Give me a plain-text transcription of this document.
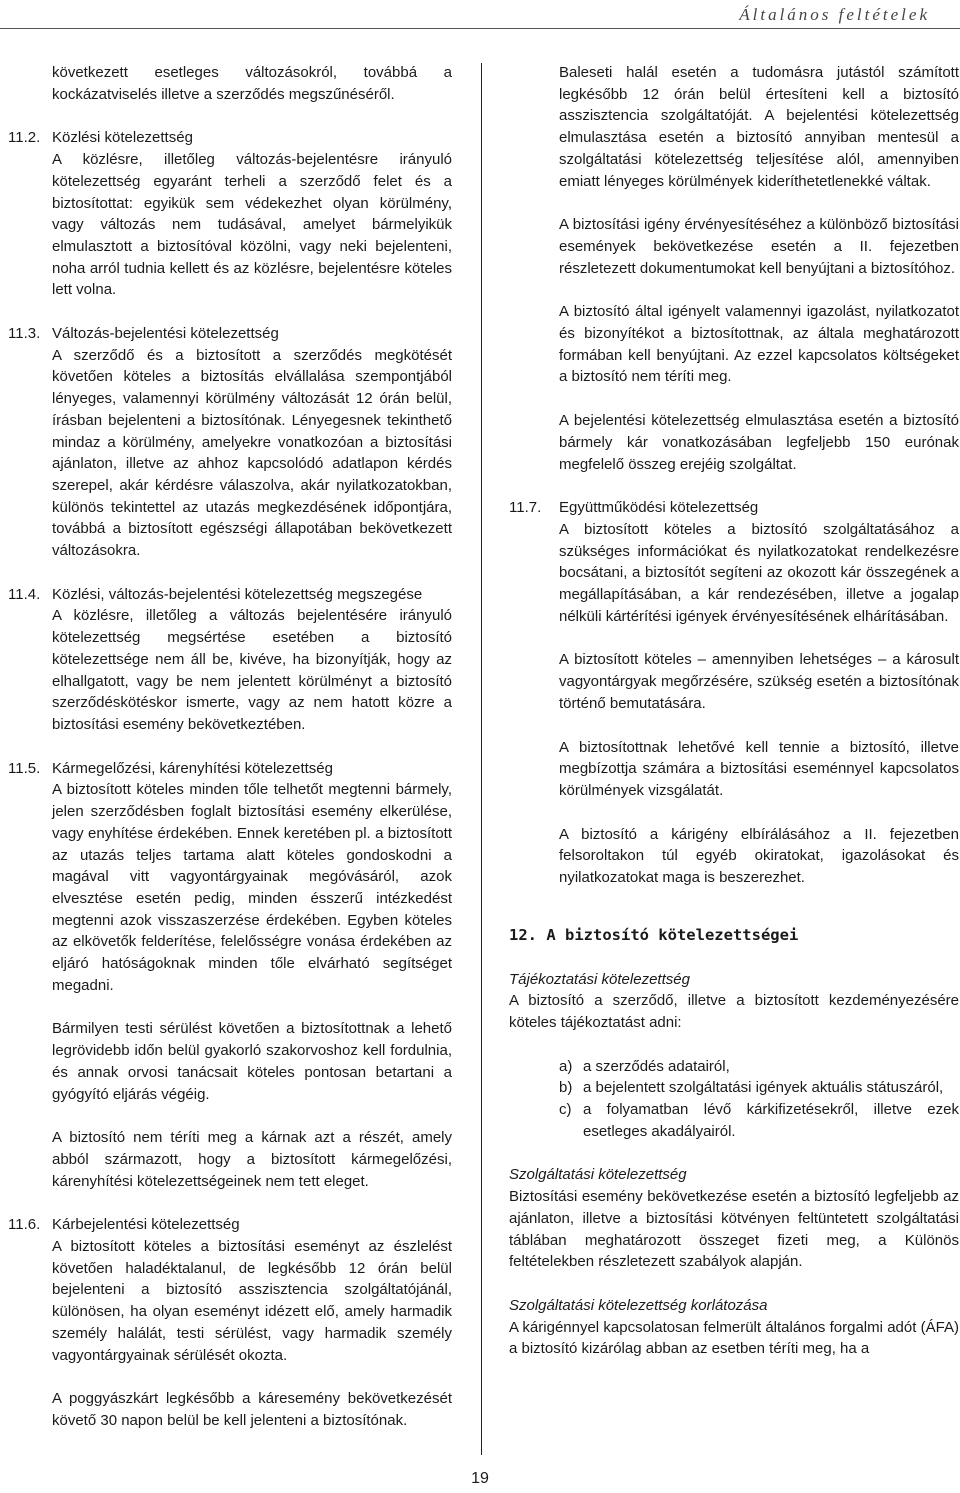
Általános feltételek

következett esetleges változásokról, továbbá a kockázatviselés illetve a szerződés megszűnéséről.

11.2. Közlési kötelezettség

A közlésre, illetőleg változás-bejelentésre irányuló kötelezettség egyaránt terheli a szerződő felet és a biztosítottat: egyikük sem védekezhet olyan körülmény, vagy változás nem tudásával, amelyet bármelyikük elmulasztott a biztosítóval közölni, vagy neki bejelenteni, noha arról tudnia kellett és az közlésre, bejelentésre köteles lett volna.

11.3. Változás-bejelentési kötelezettség

A szerződő és a biztosított a szerződés megkötését követően köteles a biztosítás elvállalása szempontjából lényeges, valamennyi körülmény változását 12 órán belül, írásban bejelenteni a biztosítónak. Lényegesnek tekinthető mindaz a körülmény, amelyekre vonatkozóan a biztosítási ajánlaton, illetve az ahhoz kapcsolódó adatlapon kérdés szerepel, akár kérdésre válaszolva, akár nyilatkozatokban, különös tekintettel az utazás megkezdésének időpontjára, továbbá a biztosított egészségi állapotában bekövetkezett változásokra.

11.4. Közlési, változás-bejelentési kötelezettség megszegése

A közlésre, illetőleg a változás bejelentésére irányuló kötelezettség megsértése esetében a biztosító kötelezettsége nem áll be, kivéve, ha bizonyítják, hogy az elhallgatott, vagy be nem jelentett körülményt a biztosító szerződéskötéskor ismerte, vagy az nem hatott közre a biztosítási esemény bekövetkeztében.

11.5. Kármegelőzési, kárenyhítési kötelezettség

A biztosított köteles minden tőle telhetőt megtenni bármely, jelen szerződésben foglalt biztosítási esemény elkerülése, vagy enyhítése érdekében. Ennek keretében pl. a biztosított az utazás teljes tartama alatt köteles gondoskodni a magával vitt vagyontárgyainak megóvásáról, azok elvesztése esetén pedig, minden ésszerű intézkedést megtenni azok visszaszerzése érdekében. Egyben köteles az elkövetők felderítése, felelősségre vonása érdekében az eljáró hatóságoknak minden tőle elvárható segítséget megadni.

Bármilyen testi sérülést követően a biztosítottnak a lehető legrövidebb időn belül gyakorló szakorvoshoz kell fordulnia, és annak orvosi tanácsait köteles pontosan betartani a gyógyító eljárás végéig.

A biztosító nem téríti meg a kárnak azt a részét, amely abból származott, hogy a biztosított kármegelőzési, kárenyhítési kötelezettségeinek nem tett eleget.

11.6. Kárbejelentési kötelezettség

A biztosított köteles a biztosítási eseményt az észlelést követően haladéktalanul, de legkésőbb 12 órán belül bejelenteni a biztosító asszisztencia szolgáltatójánál, különösen, ha olyan eseményt idézett elő, amely harmadik személy halálát, testi sérülést, vagy harmadik személy vagyontárgyainak sérülését okozta.

A poggyászkárt legkésőbb a káresemény bekövetkezését követő 30 napon belül be kell jelenteni a biztosítónak.

Baleseti halál esetén a tudomásra jutástól számított legkésőbb 12 órán belül értesíteni kell a biztosító asszisztencia szolgáltatóját. A bejelentési kötelezettség elmulasztása esetén a biztosító annyiban mentesül a szolgáltatási kötelezettség teljesítése alól, amennyiben emiatt lényeges körülmények kideríthetetlenekké váltak.

A biztosítási igény érvényesítéséhez a különböző biztosítási események bekövetkezése esetén a II. fejezetben részletezett dokumentumokat kell benyújtani a biztosítóhoz.

A biztosító által igényelt valamennyi igazolást, nyilatkozatot és bizonyítékot a biztosítottnak, az általa meghatározott formában kell benyújtani. Az ezzel kapcsolatos költségeket a biztosító nem téríti meg.

A bejelentési kötelezettség elmulasztása esetén a biztosító bármely kár vonatkozásában legfeljebb 150 eurónak megfelelő összeg erejéig szolgáltat.

11.7. Együttműködési kötelezettség

A biztosított köteles a biztosító szolgáltatásához a szükséges információkat és nyilatkozatokat rendelkezésre bocsátani, a biztosítót segíteni az okozott kár összegének a megállapításában, a kár rendezésében, illetve a jogalap nélküli kártérítési igények érvényesítésének elhárításában.

A biztosított köteles – amennyiben lehetséges – a károsult vagyontárgyak megőrzésére, szükség esetén a biztosítónak történő bemutatására.

A biztosítottnak lehetővé kell tennie a biztosító, illetve megbízottja számára a biztosítási eseménnyel kapcsolatos körülmények vizsgálatát.

A biztosító a kárigény elbírálásához a II. fejezetben felsoroltakon túl egyéb okiratokat, igazolásokat és nyilatkozatokat maga is beszerezhet.

12. A biztosító kötelezettségei
Tájékoztatási kötelezettség

A biztosító a szerződő, illetve a biztosított kezdeményezésére köteles tájékoztatást adni:

a) a szerződés adatairól,
b) a bejelentett szolgáltatási igények aktuális státuszáról,
c) a folyamatban lévő kárkifizetésekről, illetve ezek esetleges akadályairól.
Szolgáltatási kötelezettség

Biztosítási esemény bekövetkezése esetén a biztosító legfeljebb az ajánlaton, illetve a biztosítási kötvényen feltüntetett szolgáltatási táblában meghatározott összeget fizeti meg, a Különös feltételekben részletezett szabályok alapján.

Szolgáltatási kötelezettség korlátozása

A kárigénnyel kapcsolatosan felmerült általános forgalmi adót (ÁFA) a biztosító kizárólag abban az esetben téríti meg, ha a

19
